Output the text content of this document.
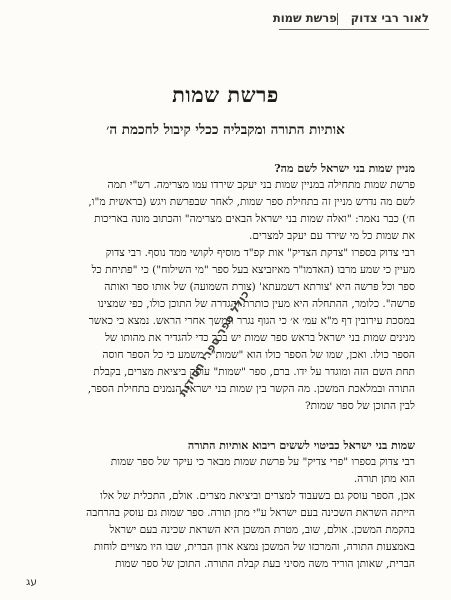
לאור רבי צדוקפרשת שמות
פרשת שמות
אותיות התורה ומקבליה ככלי קיבול לחכמת ה׳
מניין שמות בני ישראל לשם מה?
פרשת שמות מתחילה במניין שמות בני יעקב שירדו עמו מצרימה. רש"י תמה
לשם מה נדרש מניין זה בתחילת ספר שמות, לאחר שבפרשת ויגש (בראשית מ"ו,
ח׳) כבר נאמר: "ואלה שמות בני ישראל הבאים מצרימה" והכתוב מונה באריכות
את שמות כל מי שירד עם יעקב למצרים.
רבי צדוק בספרו "צדקת הצדיק" אות קפ"ד מוסיף לקושי ממד נוסף. רבי צדוק
מעיין כי שמע מרבו (האדמו"ר מאיזביצא בעל ספר "מי השילוח") כי "פתיחת כל
ספר וכל פרשה היא 'צורתא דשמעתא' (צורת השמועה) של אותו ספר ואותה
פרשה". כלומר, ההתחלה היא מעין כותרת והגדרה של התוכן כולו, כפי שמצינו
במסכת עירובין דף מ"א עמ׳ א׳ כי הגוף נגרר ונמשך אחרי הראש. נמצא כי כאשר
מנינים שמות בני ישראל בראש ספר שמות יש בכך כדי להגדיר את מהותו של
הספר כולו. ואכן, שמו של הספר כולו הוא "שמות". משמע כי כל הספר חוסה
תחת השם הזה ומוגדר על ידו. ברם, ספר "שמות" עוסק ביציאת מצרים, בקבלת
התורה ובמלאכת המשכן. מה הקשר בין שמות בני ישראל הנמנים בתחילת הספר,
לבין התוכן של ספר שמות?
שמות בני ישראל כביטוי לששים ריבוא אותיות התורה
רבי צדוק בספרו "פרי צדיק" על פרשת שמות מבאר כי עיקר של ספר שמות
הוא מתן תורה.
אכן, הספר עוסק גם בשעבוד למצרים וביציאת מצרים. אולם, התכלית של אלו
הייתה השראת השכינה בעם ישראל ע"י מתן תורה. ספר שמות גם עוסק בהרחבה
בהקמת המשכן. אולם, שוב, מטרת המשכן היא השראת שכינה בעם ישראל
באמצעות התורה, והמרכזו של המשכן נמצא ארון הברית, שבו היו מצויים לוחות
הברית, שאותן הוריד משה מסיני בעת קבלת התורה. התוכן של ספר שמות
כולל ספר ספרי חסידות
עג
